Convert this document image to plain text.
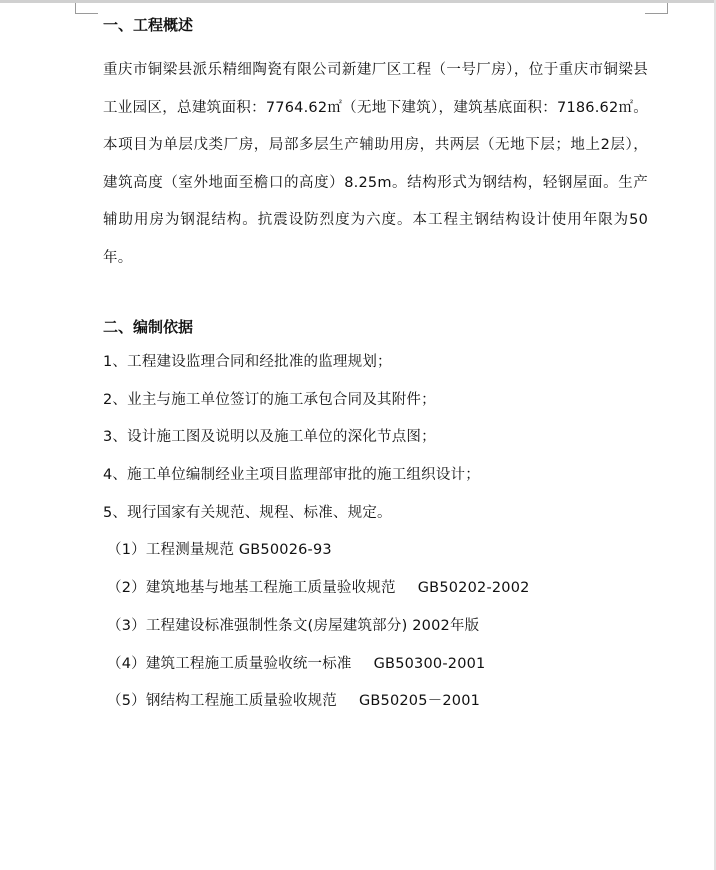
一、工程概述

重庆市铜梁县派乐精细陶瓷有限公司新建厂区工程（一号厂房），位于重庆市铜梁县工业园区，总建筑面积：7764.62㎡（无地下建筑），建筑基底面积：7186.62㎡。本项目为单层戊类厂房，局部多层生产辅助用房，共两层（无地下层；地上2层），建筑高度（室外地面至檐口的高度）8.25m。结构形式为钢结构，轻钢屋面。生产辅助用房为钢混结构。抗震设防烈度为六度。本工程主钢结构设计使用年限为50年。

二、编制依据
1、工程建设监理合同和经批准的监理规划；
2、业主与施工单位签订的施工承包合同及其附件；
3、设计施工图及说明以及施工单位的深化节点图；
4、施工单位编制经业主项目监理部审批的施工组织设计；
5、现行国家有关规范、规程、标准、规定。
（1）工程测量规范 GB50026-93
（2）建筑地基与地基工程施工质量验收规范 GB50202-2002
（3）工程建设标准强制性条文(房屋建筑部分) 2002年版
（4）建筑工程施工质量验收统一标准 GB50300-2001
（5）钢结构工程施工质量验收规范 GB50205－2001
